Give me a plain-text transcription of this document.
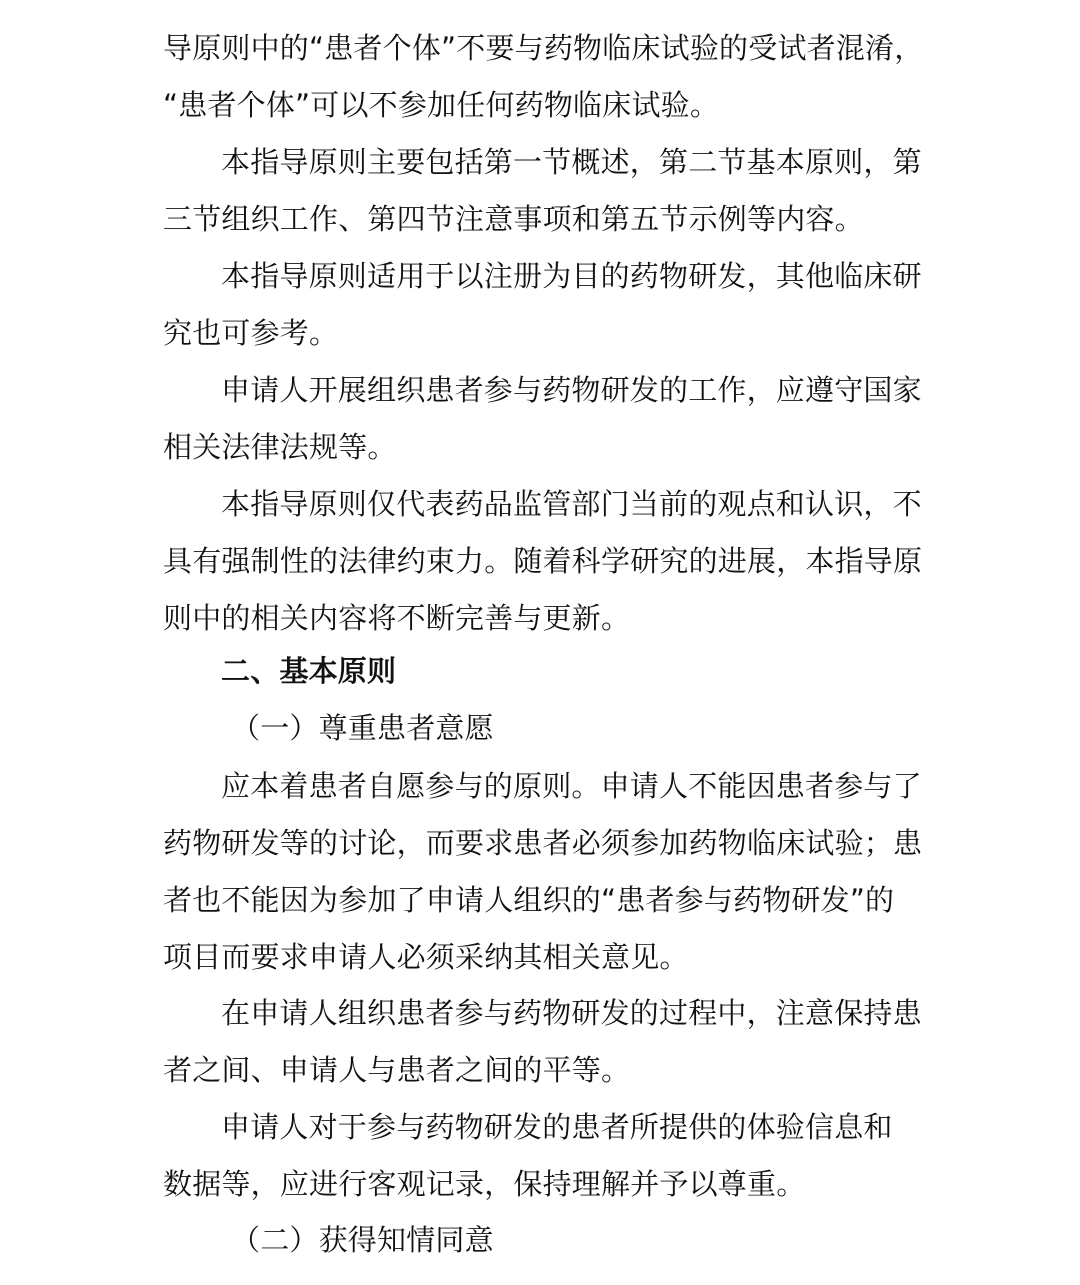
导原则中的“患者个体”不要与药物临床试验的受试者混淆，
“患者个体”可以不参加任何药物临床试验。
本指导原则主要包括第一节概述，第二节基本原则，第
三节组织工作、第四节注意事项和第五节示例等内容。
本指导原则适用于以注册为目的药物研发，其他临床研
究也可参考。
申请人开展组织患者参与药物研发的工作，应遵守国家
相关法律法规等。
本指导原则仅代表药品监管部门当前的观点和认识，不
具有强制性的法律约束力。随着科学研究的进展，本指导原
则中的相关内容将不断完善与更新。
二、基本原则
（一）尊重患者意愿
应本着患者自愿参与的原则。申请人不能因患者参与了
药物研发等的讨论，而要求患者必须参加药物临床试验；患
者也不能因为参加了申请人组织的“患者参与药物研发”的
项目而要求申请人必须采纳其相关意见。
在申请人组织患者参与药物研发的过程中，注意保持患
者之间、申请人与患者之间的平等。
申请人对于参与药物研发的患者所提供的体验信息和
数据等，应进行客观记录，保持理解并予以尊重。
（二）获得知情同意
